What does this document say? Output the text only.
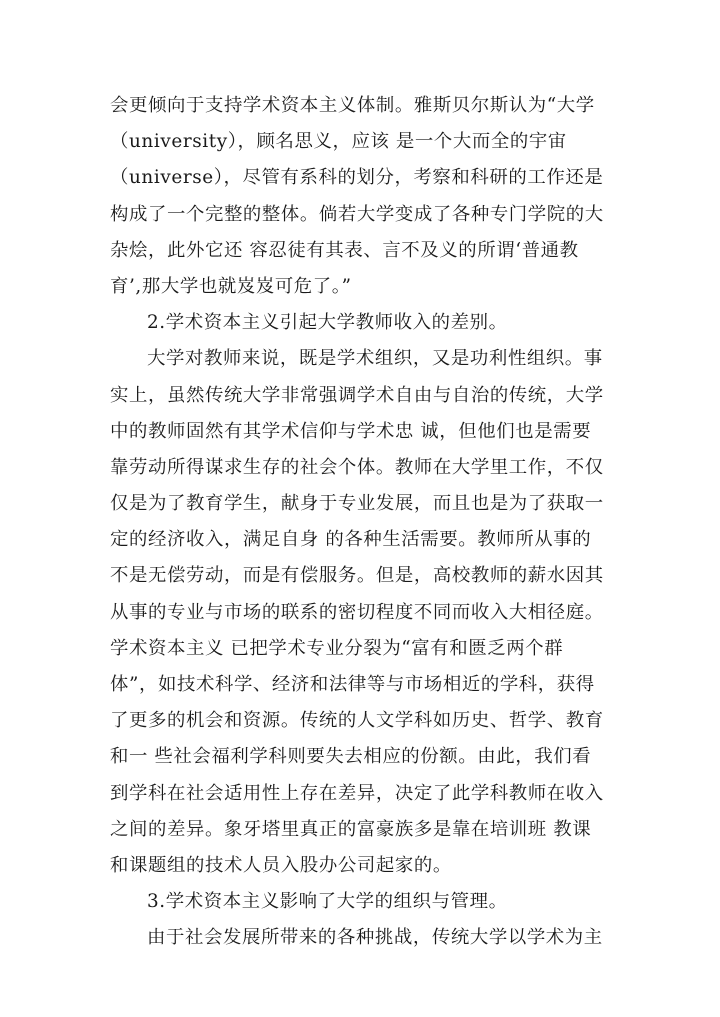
会更倾向于支持学术资本主义体制。雅斯贝尔斯认为“大学
（university），顾名思义，应该 是一个大而全的宇宙
（universe），尽管有系科的划分，考察和科研的工作还是
构成了一个完整的整体。倘若大学变成了各种专门学院的大
杂烩，此外它还 容忍徒有其表、言不及义的所谓‘普通教
育’,那大学也就岌岌可危了。”
2.学术资本主义引起大学教师收入的差别。
大学对教师来说，既是学术组织，又是功利性组织。事
实上，虽然传统大学非常强调学术自由与自治的传统，大学
中的教师固然有其学术信仰与学术忠 诚，但他们也是需要
靠劳动所得谋求生存的社会个体。教师在大学里工作，不仅
仅是为了教育学生，献身于专业发展，而且也是为了获取一
定的经济收入，满足自身 的各种生活需要。教师所从事的
不是无偿劳动，而是有偿服务。但是，高校教师的薪水因其
从事的专业与市场的联系的密切程度不同而收入大相径庭。
学术资本主义 已把学术专业分裂为“富有和匮乏两个群
体”，如技术科学、经济和法律等与市场相近的学科，获得
了更多的机会和资源。传统的人文学科如历史、哲学、教育
和一 些社会福利学科则要失去相应的份额。由此，我们看
到学科在社会适用性上存在差异，决定了此学科教师在收入
之间的差异。象牙塔里真正的富豪族多是靠在培训班 教课
和课题组的技术人员入股办公司起家的。
3.学术资本主义影响了大学的组织与管理。
由于社会发展所带来的各种挑战，传统大学以学术为主
